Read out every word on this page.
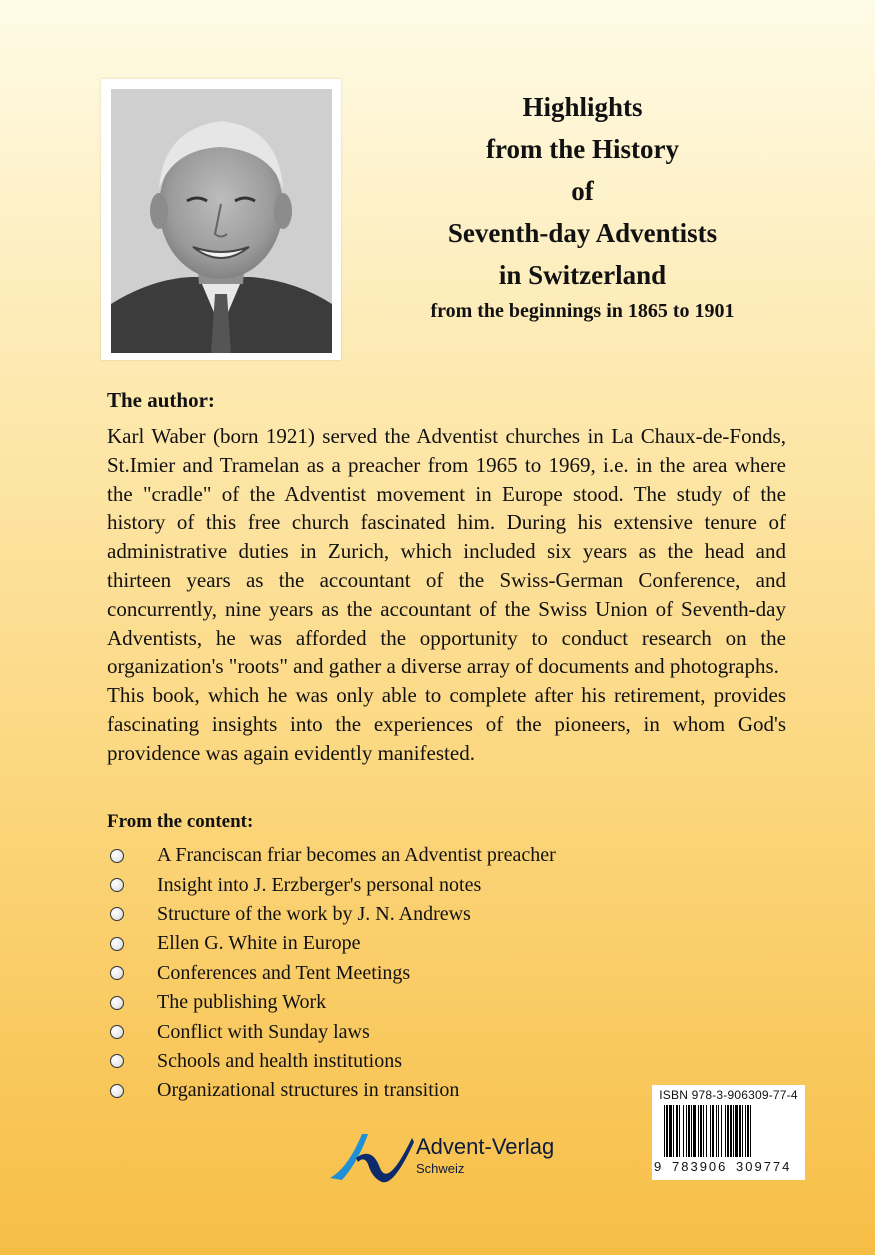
Highlights
from the History
of
Seventh-day Adventists
in Switzerland
from the beginnings in 1865 to 1901
The author:
Karl Waber (born 1921) served the Adventist churches in La Chaux-de-Fonds, St.Imier and Tramelan as a preacher from 1965 to 1969, i.e. in the area where the "cradle" of the Adventist movement in Europe stood. The study of the history of this free church fascinated him. During his extensive tenure of administrative duties in Zurich, which included six years as the head and thirteen years as the accountant of the Swiss-German Conference, and concurrently, nine years as the accountant of the Swiss Union of Seventh-day Adventists, he was afforded the opportunity to conduct research on the organization's "roots" and gather a diverse array of documents and photographs.
This book, which he was only able to complete after his retirement, provides fascinating insights into the experiences of the pioneers, in whom God's providence was again evidently manifested.
From the content:
A Franciscan friar becomes an Adventist preacher
Insight into J. Erzberger's personal notes
Structure of the work by J. N. Andrews
Ellen G. White in Europe
Conferences and Tent Meetings
The publishing Work
Conflict with Sunday laws
Schools and health institutions
Organizational structures in transition	ISBN 978-3-906309-77-4
9 783906 309774
Advent-Verlag
Schweiz
